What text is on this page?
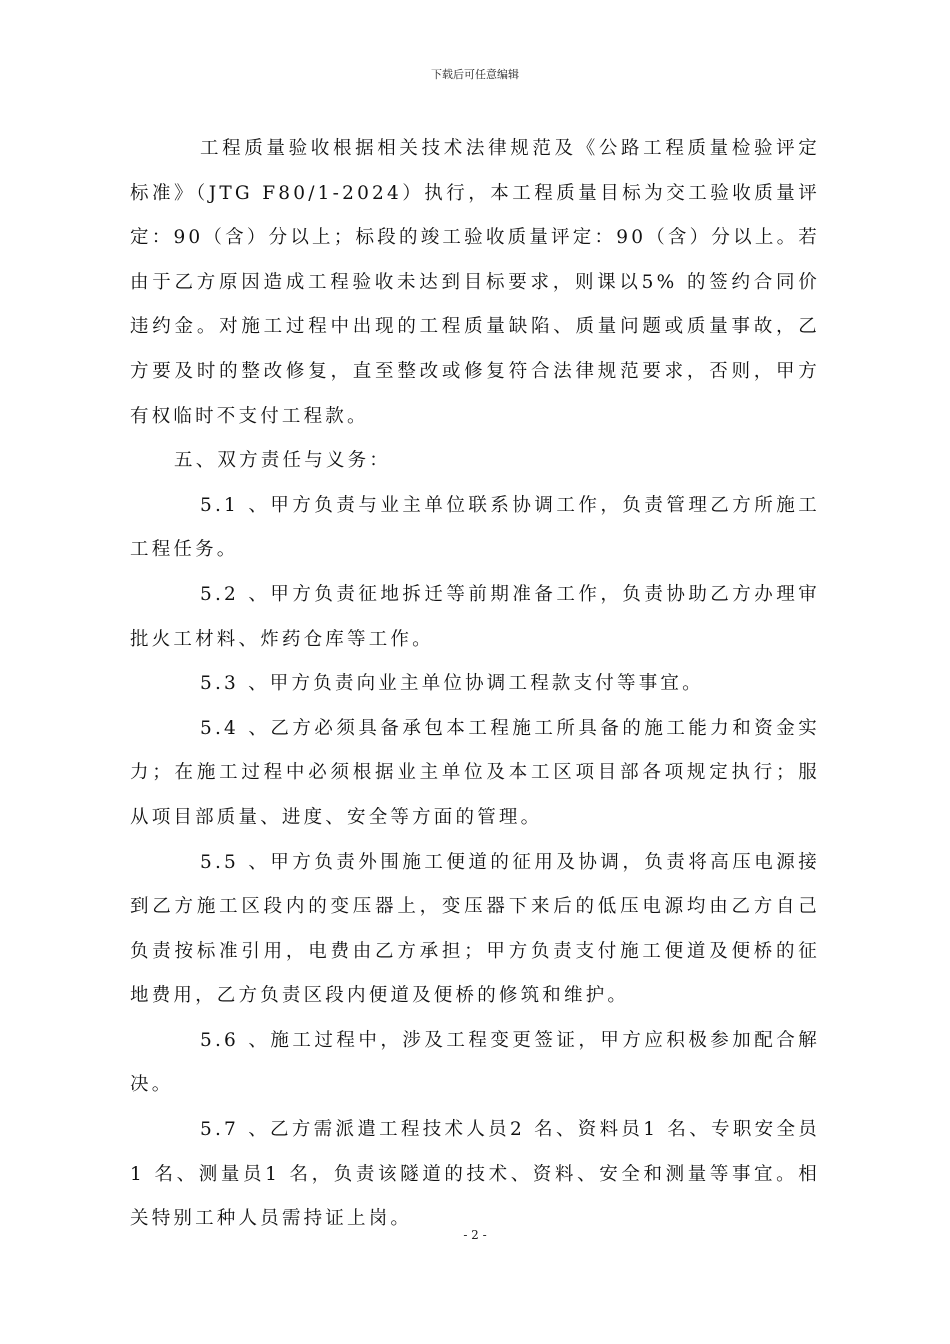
下载后可任意编辑

工程质量验收根据相关技术法律规范及《公路工程质量检验评定标准》（JTG F80/1-2024）执行，本工程质量目标为交工验收质量评定：90（含）分以上；标段的竣工验收质量评定：90（含）分以上。若由于乙方原因造成工程验收未达到目标要求，则课以5% 的签约合同价违约金。对施工过程中出现的工程质量缺陷、质量问题或质量事故，乙方要及时的整改修复，直至整改或修复符合法律规范要求，否则，甲方有权临时不支付工程款。

五、双方责任与义务：

5.1 、甲方负责与业主单位联系协调工作，负责管理乙方所施工工程任务。

5.2 、甲方负责征地拆迁等前期准备工作，负责协助乙方办理审批火工材料、炸药仓库等工作。

5.3 、甲方负责向业主单位协调工程款支付等事宜。

5.4 、乙方必须具备承包本工程施工所具备的施工能力和资金实力；在施工过程中必须根据业主单位及本工区项目部各项规定执行；服从项目部质量、进度、安全等方面的管理。

5.5 、甲方负责外围施工便道的征用及协调，负责将高压电源接到乙方施工区段内的变压器上，变压器下来后的低压电源均由乙方自己负责按标准引用，电费由乙方承担；甲方负责支付施工便道及便桥的征地费用，乙方负责区段内便道及便桥的修筑和维护。

5.6 、施工过程中，涉及工程变更签证，甲方应积极参加配合解决。

5.7 、乙方需派遣工程技术人员2 名、资料员1 名、专职安全员1 名、测量员1 名，负责该隧道的技术、资料、安全和测量等事宜。相关特别工种人员需持证上岗。

- 2 -
